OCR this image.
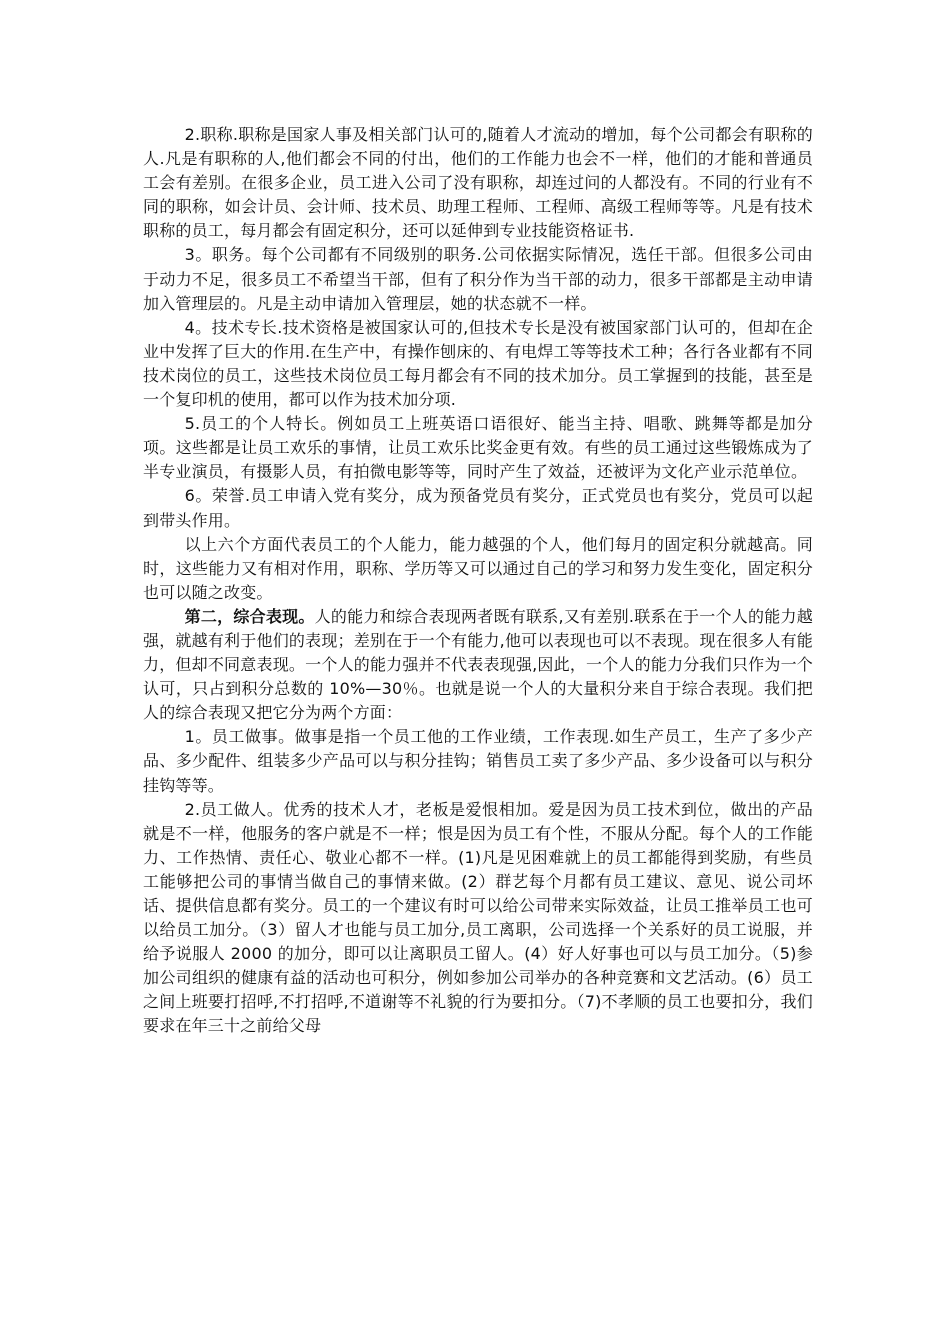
2.职称.职称是国家人事及相关部门认可的,随着人才流动的增加，每个公司都会有职称的人.凡是有职称的人,他们都会不同的付出，他们的工作能力也会不一样，他们的才能和普通员工会有差别。在很多企业，员工进入公司了没有职称，却连过问的人都没有。不同的行业有不同的职称，如会计员、会计师、技术员、助理工程师、工程师、高级工程师等等。凡是有技术职称的员工，每月都会有固定积分，还可以延伸到专业技能资格证书.

3。职务。每个公司都有不同级别的职务.公司依据实际情况，选任干部。但很多公司由于动力不足，很多员工不希望当干部，但有了积分作为当干部的动力，很多干部都是主动申请加入管理层的。凡是主动申请加入管理层，她的状态就不一样。

4。技术专长.技术资格是被国家认可的,但技术专长是没有被国家部门认可的，但却在企业中发挥了巨大的作用.在生产中，有操作刨床的、有电焊工等等技术工种；各行各业都有不同技术岗位的员工，这些技术岗位员工每月都会有不同的技术加分。员工掌握到的技能，甚至是一个复印机的使用，都可以作为技术加分项.

5.员工的个人特长。例如员工上班英语口语很好、能当主持、唱歌、跳舞等都是加分项。这些都是让员工欢乐的事情，让员工欢乐比奖金更有效。有些的员工通过这些锻炼成为了半专业演员，有摄影人员，有拍微电影等等，同时产生了效益，还被评为文化产业示范单位。

6。荣誉.员工申请入党有奖分，成为预备党员有奖分，正式党员也有奖分，党员可以起到带头作用。

以上六个方面代表员工的个人能力，能力越强的个人，他们每月的固定积分就越高。同时，这些能力又有相对作用，职称、学历等又可以通过自己的学习和努力发生变化，固定积分也可以随之改变。

第二，综合表现。人的能力和综合表现两者既有联系,又有差别.联系在于一个人的能力越强，就越有利于他们的表现；差别在于一个有能力,他可以表现也可以不表现。现在很多人有能力，但却不同意表现。一个人的能力强并不代表表现强,因此，一个人的能力分我们只作为一个认可，只占到积分总数的 10%—30％。也就是说一个人的大量积分来自于综合表现。我们把人的综合表现又把它分为两个方面：

1。员工做事。做事是指一个员工他的工作业绩，工作表现.如生产员工，生产了多少产品、多少配件、组装多少产品可以与积分挂钩；销售员工卖了多少产品、多少设备可以与积分挂钩等等。

2.员工做人。优秀的技术人才，老板是爱恨相加。爱是因为员工技术到位，做出的产品就是不一样，他服务的客户就是不一样；恨是因为员工有个性，不服从分配。每个人的工作能力、工作热情、责任心、敬业心都不一样。(1)凡是见困难就上的员工都能得到奖励，有些员工能够把公司的事情当做自己的事情来做。(2）群艺每个月都有员工建议、意见、说公司坏话、提供信息都有奖分。员工的一个建议有时可以给公司带来实际效益，让员工推举员工也可以给员工加分。（3）留人才也能与员工加分,员工离职，公司选择一个关系好的员工说服，并给予说服人 2000 的加分，即可以让离职员工留人。(4）好人好事也可以与员工加分。（5)参加公司组织的健康有益的活动也可积分，例如参加公司举办的各种竞赛和文艺活动。(6）员工之间上班要打招呼,不打招呼,不道谢等不礼貌的行为要扣分。（7)不孝顺的员工也要扣分，我们要求在年三十之前给父母
